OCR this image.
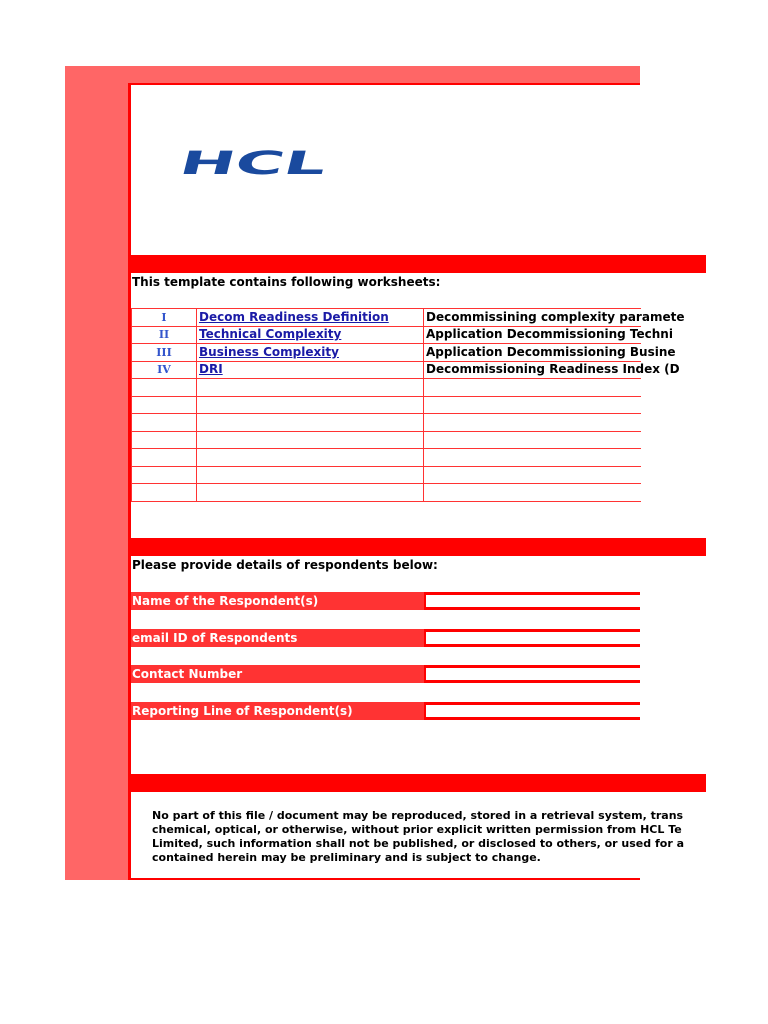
HCL
This template contains following worksheets:
I	Decom Readiness Definition	Decommissining complexity paramete
II	Technical Complexity	Application Decommissioning Techni
III	Business Complexity	Application Decommissioning Busine
IV	DRI	Decommissioning Readiness Index (D

Please provide details of respondents below:
Name of the Respondent(s)
email ID of Respondents
Contact Number
Reporting Line of Respondent(s)
No part of this file / document may be reproduced, stored in a retrieval system, trans
chemical, optical, or otherwise, without prior explicit written permission from HCL Te
Limited, such information shall not be published, or disclosed to others, or used for a
contained herein may be preliminary and is subject to change.
